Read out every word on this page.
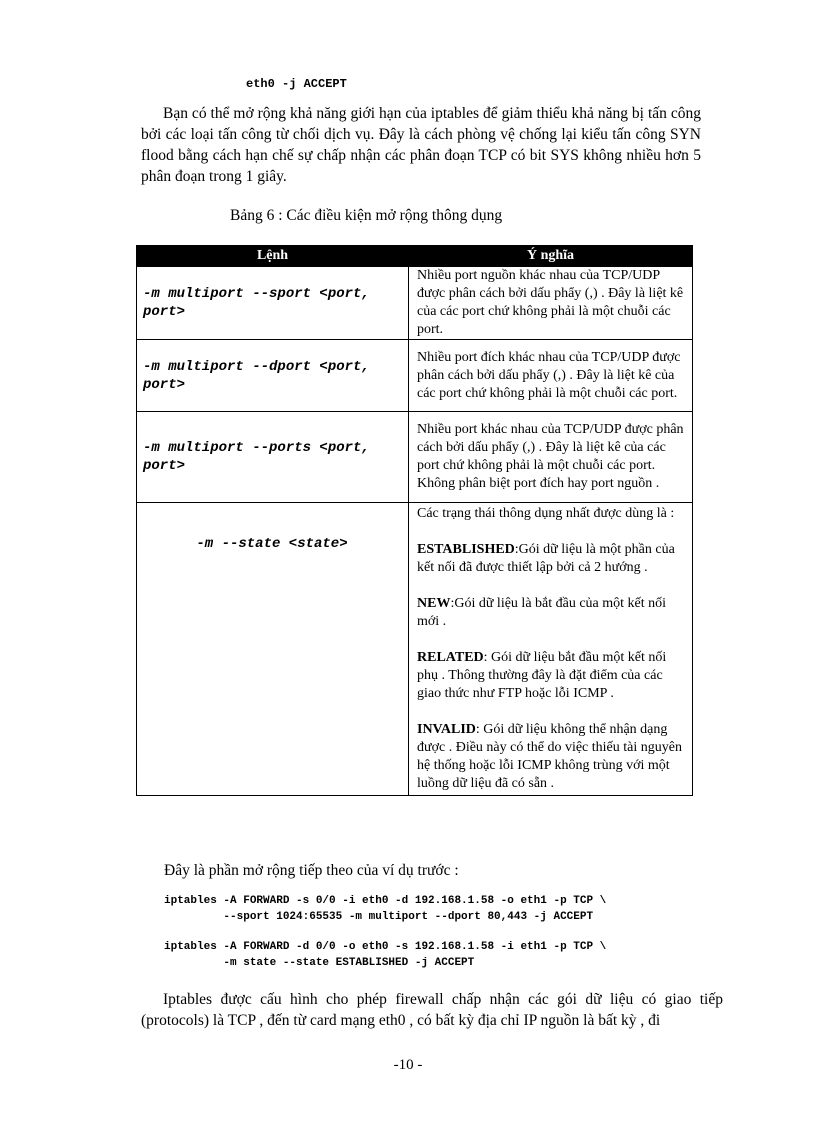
eth0 -j ACCEPT
Bạn có thể mở rộng khả năng giới hạn của iptables để giảm thiểu khả năng bị tấn công bởi các loại tấn công từ chối dịch vụ. Đây là cách phòng vệ chống lại kiểu tấn công SYN flood bằng cách hạn chế sự chấp nhận các phân đoạn TCP có bit SYS không nhiều hơn 5 phân đoạn trong 1 giây.
Bảng 6 : Các điều kiện mở rộng thông dụng
Lệnh	Ý nghĩa
-m multiport --sport <port, port>	Nhiều port nguồn khác nhau của TCP/UDP được phân cách bởi dấu phẩy (,) . Đây là liệt kê của các port chứ không phải là một chuỗi các port.
-m multiport --dport <port, port>	Nhiều port đích khác nhau của TCP/UDP được phân cách bởi dấu phẩy (,) . Đây là liệt kê của các port chứ không phải là một chuỗi các port.
-m multiport --ports <port, port>	Nhiều port khác nhau của TCP/UDP được phân cách bởi dấu phẩy (,) . Đây là liệt kê của các port chứ không phải là một chuỗi các port. Không phân biệt port đích hay port nguồn .
-m --state <state>	Các trạng thái thông dụng nhất được dùng là :
ESTABLISHED:Gói dữ liệu là một phần của kết nối đã được thiết lập bởi cả 2 hướng .
NEW:Gói dữ liệu là bắt đầu của một kết nối mới .
RELATED: Gói dữ liệu bắt đầu một kết nối phụ . Thông thường đây là đặt điểm của các giao thức như FTP hoặc lỗi ICMP .
INVALID: Gói dữ liệu không thể nhận dạng được . Điều này có thể do việc thiếu tài nguyên hệ thống hoặc lỗi ICMP không trùng với một luồng dữ liệu đã có sẵn .
Đây là phần mở rộng tiếp theo của ví dụ trước :
iptables -A FORWARD -s 0/0 -i eth0 -d 192.168.1.58 -o eth1 -p TCP \
--sport 1024:65535 -m multiport --dport 80,443 -j ACCEPT
iptables -A FORWARD -d 0/0 -o eth0 -s 192.168.1.58 -i eth1 -p TCP \
-m state --state ESTABLISHED -j ACCEPT
Iptables được cấu hình cho phép firewall chấp nhận các gói dữ liệu có giao tiếp (protocols) là TCP , đến từ card mạng eth0 , có bất kỳ địa chỉ IP nguồn là bất kỳ , đi
-10 -
